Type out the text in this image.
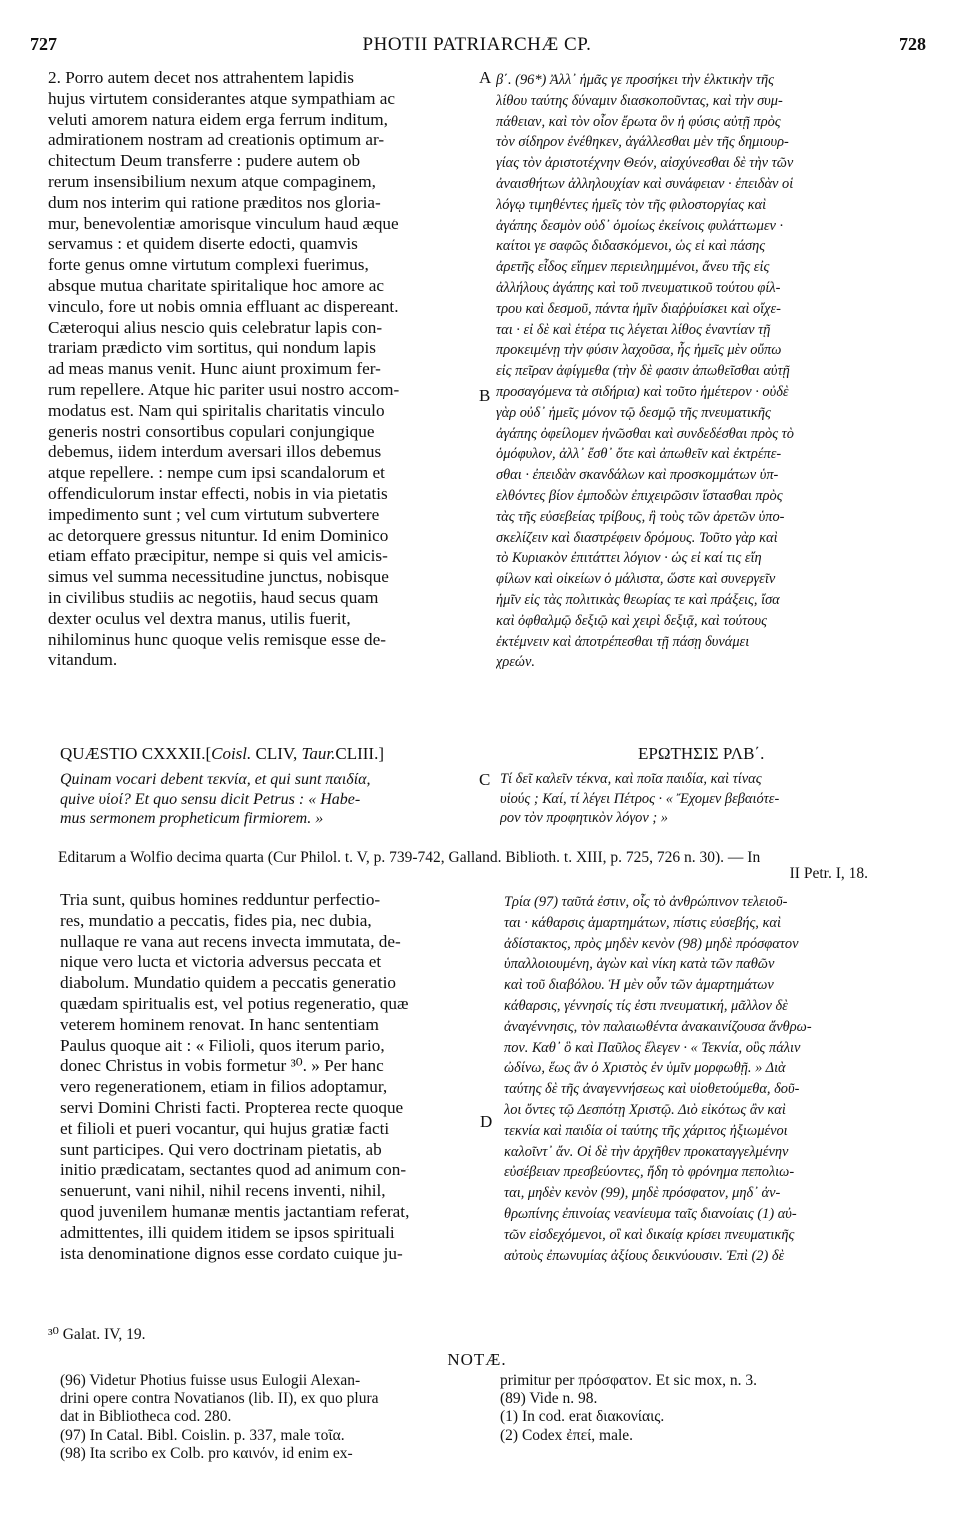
727	PHOTII PATRIARCHÆ CP.	728
2. Porro autem decet nos attrahentem lapidis
hujus virtutem considerantes atque sympathiam ac
veluti amorem natura eidem erga ferrum inditum,
admirationem nostram ad creationis optimum ar-
chitectum Deum transferre : pudere autem ob
rerum insensibilium nexum atque compaginem,
dum nos interim qui ratione præditos nos gloria-
mur, benevolentiæ amorisque vinculum haud æque
servamus : et quidem diserte edocti, quamvis
forte genus omne virtutum complexi fuerimus,
absque mutua charitate spiritalique hoc amore ac
vinculo, fore ut nobis omnia effluant ac dispereant.
Cæteroqui alius nescio quis celebratur lapis con-
trariam prædicto vim sortitus, qui nondum lapis
ad meas manus venit. Hunc aiunt proximum fer-
rum repellere. Atque hic pariter usui nostro accom-
modatus est. Nam qui spiritalis charitatis vinculo
generis nostri consortibus copulari conjungique
debemus, iidem interdum aversari illos debemus
atque repellere. : nempe cum ipsi scandalorum et
offendiculorum instar effecti, nobis in via pietatis
impedimento sunt ; vel cum virtutum subvertere
ac detorquere gressus nituntur. Id enim Dominico
etiam effato præcipitur, nempe si quis vel amicis-
simus vel summa necessitudine junctus, nobisque
in civilibus studiis ac negotiis, haud secus quam
dexter oculus vel dextra manus, utilis fuerit,
nihilominus hunc quoque velis remisque esse de-
vitandum.
β΄. (96*) Ἀλλ᾽ ἡμᾶς γε προσήκει τὴν ἑλκτικὴν τῆς
λίθου ταύτης δύναμιν διασκοποῦντας, καὶ τὴν συμ-
πάθειαν, καὶ τὸν οἷον ἔρωτα ὃν ἡ φύσις αὐτῇ πρὸς
τὸν σίδηρον ἐνέθηκεν, ἀγάλλεσθαι μὲν τῆς δημιουρ-
γίας τὸν ἀριστοτέχνην Θεόν, αἰσχύνεσθαι δὲ τὴν τῶν
ἀναισθήτων ἀλληλουχίαν καὶ συνάφειαν · ἐπειδὰν οἱ
λόγῳ τιμηθέντες ἡμεῖς τὸν τῆς φιλοστοργίας καὶ
ἀγάπης δεσμὸν οὐδ᾽ ὁμοίως ἐκείνοις φυλάττωμεν ·
καίτοι γε σαφῶς διδασκόμενοι, ὡς εἰ καὶ πάσης
ἀρετῆς εἶδος εἴημεν περιειλημμένοι, ἄνευ τῆς εἰς
ἀλλήλους ἀγάπης καὶ τοῦ πνευματικοῦ τούτου φίλ-
τρου καὶ δεσμοῦ, πάντα ἡμῖν διαῤῥυίσκει καὶ οἴχε-
ται · εἰ δὲ καὶ ἑτέρα τις λέγεται λίθος ἐναντίαν τῇ
προκειμένῃ τὴν φύσιν λαχοῦσα, ἧς ἡμεῖς μὲν οὔπω
εἰς πεῖραν ἀφίγμεθα (τὴν δὲ φασιν ἀπωθεῖσθαι αὐτῇ
προσαγόμενα τὰ σιδήρια) καὶ τοῦτο ἡμέτερον · οὐδὲ
γὰρ οὐδ᾽ ἡμεῖς μόνον τῷ δεσμῷ τῆς πνευματικῆς
ἀγάπης ὀφείλομεν ἠνῶσθαι καὶ συνδεδέσθαι πρὸς τὸ
ὁμόφυλον, ἀλλ᾽ ἔσθ᾽ ὅτε καὶ ἀπωθεῖν καὶ ἐκτρέπε-
σθαι · ἐπειδὰν σκανδάλων καὶ προσκομμάτων ὑπ-
ελθόντες βίον ἐμποδὼν ἐπιχειρῶσιν ἵστασθαι πρὸς
τὰς τῆς εὐσεβείας τρίβους, ἢ τοὺς τῶν ἀρετῶν ὑπο-
σκελίζειν καὶ διαστρέφειν δρόμους. Τοῦτο γὰρ καὶ
τὸ Κυριακὸν ἐπιτάττει λόγιον · ὡς εἰ καί τις εἴη
φίλων καὶ οἰκείων ὁ μάλιστα, ὥστε καὶ συνεργεῖν
ἡμῖν εἰς τὰς πολιτικὰς θεωρίας τε καὶ πράξεις, ἴσα
καὶ ὀφθαλμῷ δεξιῷ καὶ χειρὶ δεξιᾷ, καὶ τούτους
ἐκτέμνειν καὶ ἀποτρέπεσθαι τῇ πάσῃ δυνάμει
χρεών.
A
B
QUÆSTIO CXXXII.[Coisl. CLIV, Taur.CLIII.]	ΕΡΩΤΗΣΙΣ ΡΛΒ΄.
Quinam vocari debent τεκνία, et qui sunt παιδία,
quive υἱοί? Et quo sensu dicit Petrus : « Habe-
mus sermonem propheticum firmiorem. »
Τί δεῖ καλεῖν τέκνα, καὶ ποῖα παιδία, καὶ τίνας
υἱούς ; Καί, τί λέγει Πέτρος · « Ἔχομεν βεβαιότε-
ρον τὸν προφητικὸν λόγον ; »
C
Editarum a Wolfio decima quarta (Cur Philol. t. V, p. 739-742, Galland. Biblioth. t. XIII, p. 725, 726 n. 30). — In
II Petr. I, 18.
Tria sunt, quibus homines redduntur perfectio-
res, mundatio a peccatis, fides pia, nec dubia,
nullaque re vana aut recens invecta immutata, de-
nique vero lucta et victoria adversus peccata et
diabolum. Mundatio quidem a peccatis generatio
quædam spiritualis est, vel potius regeneratio, quæ
veterem hominem renovat. In hanc sententiam
Paulus quoque ait : « Filioli, quos iterum pario,
donec Christus in vobis formetur ³⁰. » Per hanc
vero regenerationem, etiam in filios adoptamur,
servi Domini Christi facti. Propterea recte quoque
et filioli et pueri vocantur, qui hujus gratiæ facti
sunt participes. Qui vero doctrinam pietatis, ab
initio prædicatam, sectantes quod ad animum con-
senuerunt, vani nihil, nihil recens inventi, nihil,
quod juvenilem humanæ mentis jactantiam referat,
admittentes, illi quidem itidem se ipsos spirituali
ista denominatione dignos esse cordato cuique ju-
Τρία (97) ταῦτά ἐστιν, οἷς τὸ ἀνθρώπινον τελειοῦ-
ται · κάθαρσις ἁμαρτημάτων, πίστις εὐσεβής, καὶ
ἀδίστακτος, πρὸς μηδὲν κενὸν (98) μηδὲ πρόσφατον
ὑπαλλοιουμένη, ἀγὼν καὶ νίκη κατὰ τῶν παθῶν
καὶ τοῦ διαβόλου. Ἡ μὲν οὖν τῶν ἁμαρτημάτων
κάθαρσις, γέννησίς τίς ἐστι πνευματική, μᾶλλον δὲ
ἀναγέννησις, τὸν παλαιωθέντα ἀνακαινίζουσα ἄνθρω-
πον. Καθ᾽ ὃ καὶ Παῦλος ἔλεγεν · « Τεκνία, οὓς πάλιν
ὠδίνω, ἕως ἂν ὁ Χριστὸς ἐν ὑμῖν μορφωθῇ. » Διὰ
ταύτης δὲ τῆς ἀναγεννήσεως καὶ υἱοθετούμεθα, δοῦ-
λοι ὄντες τῷ Δεσπότῃ Χριστῷ. Διὸ εἰκότως ἂν καὶ
τεκνία καὶ παιδία οἱ ταύτης τῆς χάριτος ἠξιωμένοι
καλοῖντ᾽ ἄν. Οἱ δὲ τὴν ἀρχῆθεν προκαταγγελμένην
εὐσέβειαν πρεσβεύοντες, ἤδη τὸ φρόνημα πεπολιω-
ται, μηδὲν κενὸν (99), μηδὲ πρόσφατον, μηδ᾽ ἀν-
θρωπίνης ἐπινοίας νεανίευμα ταῖς διανοίαις (1) αὐ-
τῶν εἰσδεχόμενοι, οἳ καὶ δικαίᾳ κρίσει πνευματικῆς
αὐτοὺς ἐπωνυμίας ἀξίους δεικνύουσιν. Ἐπὶ (2) δὲ
D
³⁰ Galat. IV, 19.
NOTÆ.
(96) Videtur Photius fuisse usus Eulogii Alexan-
drini opere contra Novatianos (lib. II), ex quo plura
dat in Bibliotheca cod. 280.
(97) In Catal. Bibl. Coislin. p. 337, male τοῖα.
(98) Ita scribo ex Colb. pro καινόν, id enim ex-
primitur per πρόσφατον. Et sic mox, n. 3.
(89) Vide n. 98.
(1) In cod. erat διακονίαις.
(2) Codex ἐπεί, male.
